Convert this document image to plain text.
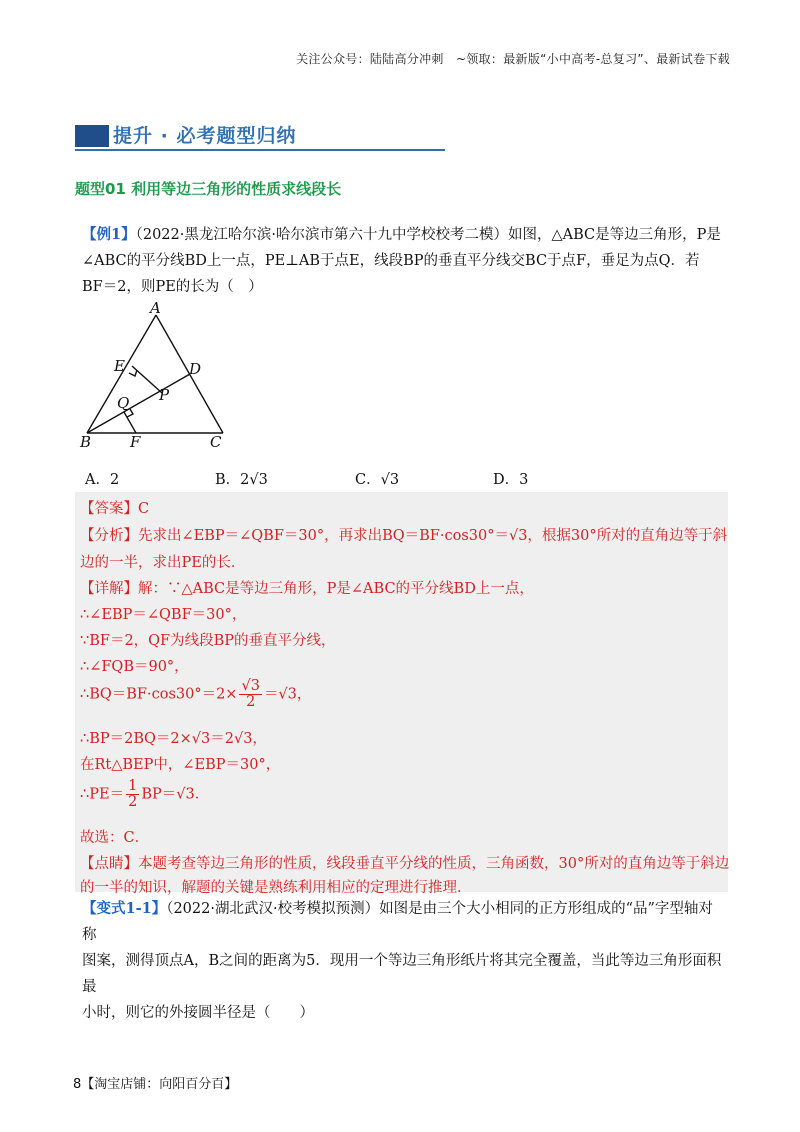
关注公众号：陆陆高分冲刺　~领取：最新版“小中高考-总复习”、最新试卷下载
提升 · 必考题型归纳
题型01 利用等边三角形的性质求线段长
【例1】（2022·黑龙江哈尔滨·哈尔滨市第六十九中学校校考二模）如图，△ABC是等边三角形，P是
∠ABC的平分线BD上一点，PE⊥AB于点E，线段BP的垂直平分线交BC于点F，垂足为点Q．若
BF＝2，则PE的长为（　）
A
B	C
D
E
F
P
Q
A．2	B．2√3	C．√3	D．3
【答案】C
【分析】先求出∠EBP＝∠QBF＝30°，再求出BQ＝BF·cos30°＝√3，根据30°所对的直角边等于斜
边的一半，求出PE的长．
【详解】解：∵△ABC是等边三角形，P是∠ABC的平分线BD上一点，
∴∠EBP＝∠QBF＝30°，
∵BF＝2，QF为线段BP的垂直平分线，
∴∠FQB＝90°，
∴BQ＝BF·cos30°＝2× $\frac{√3}{2} =√3$，
∴BP＝2BQ＝2×√3＝2√3，
在Rt△BEP中，∠EBP＝30°，
∴PE＝ $\frac{1}{2} BP=√3$．
故选：C．
【点睛】本题考查等边三角形的性质，线段垂直平分线的性质，三角函数，30°所对的直角边等于斜边
的一半的知识，解题的关键是熟练利用相应的定理进行推理．
【变式1-1】（2022·湖北武汉·校考模拟预测）如图是由三个大小相同的正方形组成的“品”字型轴对称
图案，测得顶点A，B之间的距离为5．现用一个等边三角形纸片将其完全覆盖，当此等边三角形面积最
小时，则它的外接圆半径是（　　）
8【淘宝店铺：向阳百分百】
